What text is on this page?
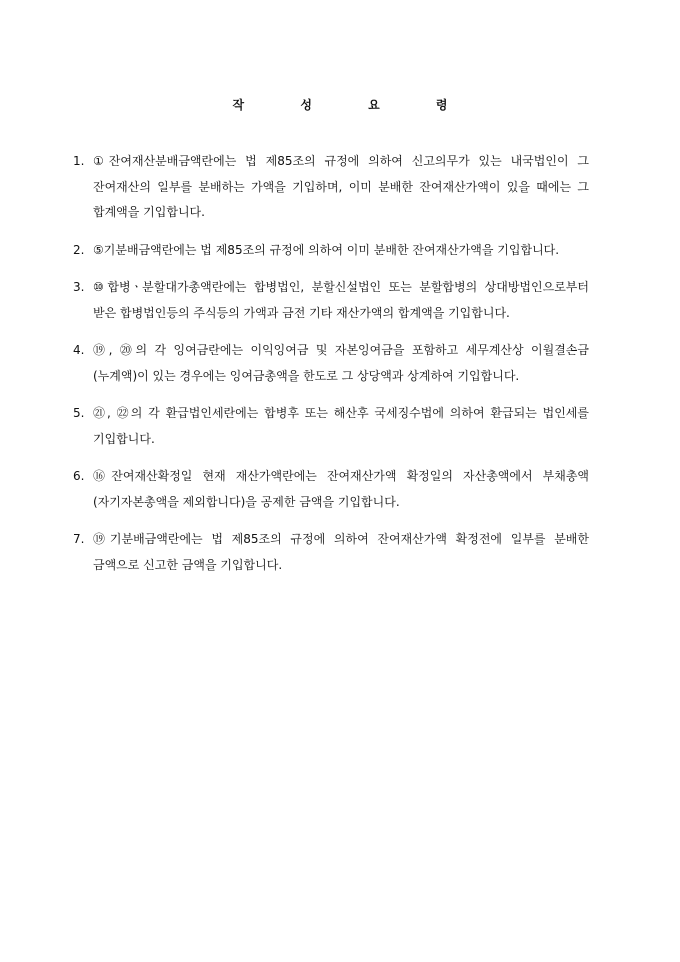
작 성 요 령
1. ①잔여재산분배금액란에는 법 제85조의 규정에 의하여 신고의무가 있는 내국법인이 그 잔여재산의 일부를 분배하는 가액을 기입하며, 이미 분배한 잔여재산가액이 있을 때에는 그 합계액을 기입합니다.
2. ⑤기분배금액란에는 법 제85조의 규정에 의하여 이미 분배한 잔여재산가액을 기입합니다.
3. ⑩합병ㆍ분할대가총액란에는 합병법인, 분할신설법인 또는 분할합병의 상대방법인으로부터 받은 합병법인등의 주식등의 가액과 금전 기타 재산가액의 합계액을 기입합니다.
4. ⑲, ⑳의 각 잉여금란에는 이익잉여금 및 자본잉여금을 포함하고 세무계산상 이월결손금(누계액)이 있는 경우에는 잉여금총액을 한도로 그 상당액과 상계하여 기입합니다.
5. ㉑, ㉒의 각 환급법인세란에는 합병후 또는 해산후 국세징수법에 의하여 환급되는 법인세를 기입합니다.
6. ⑯잔여재산확정일 현재 재산가액란에는 잔여재산가액 확정일의 자산총액에서 부채총액(자기자본총액을 제외합니다)을 공제한 금액을 기입합니다.
7. ⑲기분배금액란에는 법 제85조의 규정에 의하여 잔여재산가액 확정전에 일부를 분배한 금액으로 신고한 금액을 기입합니다.
